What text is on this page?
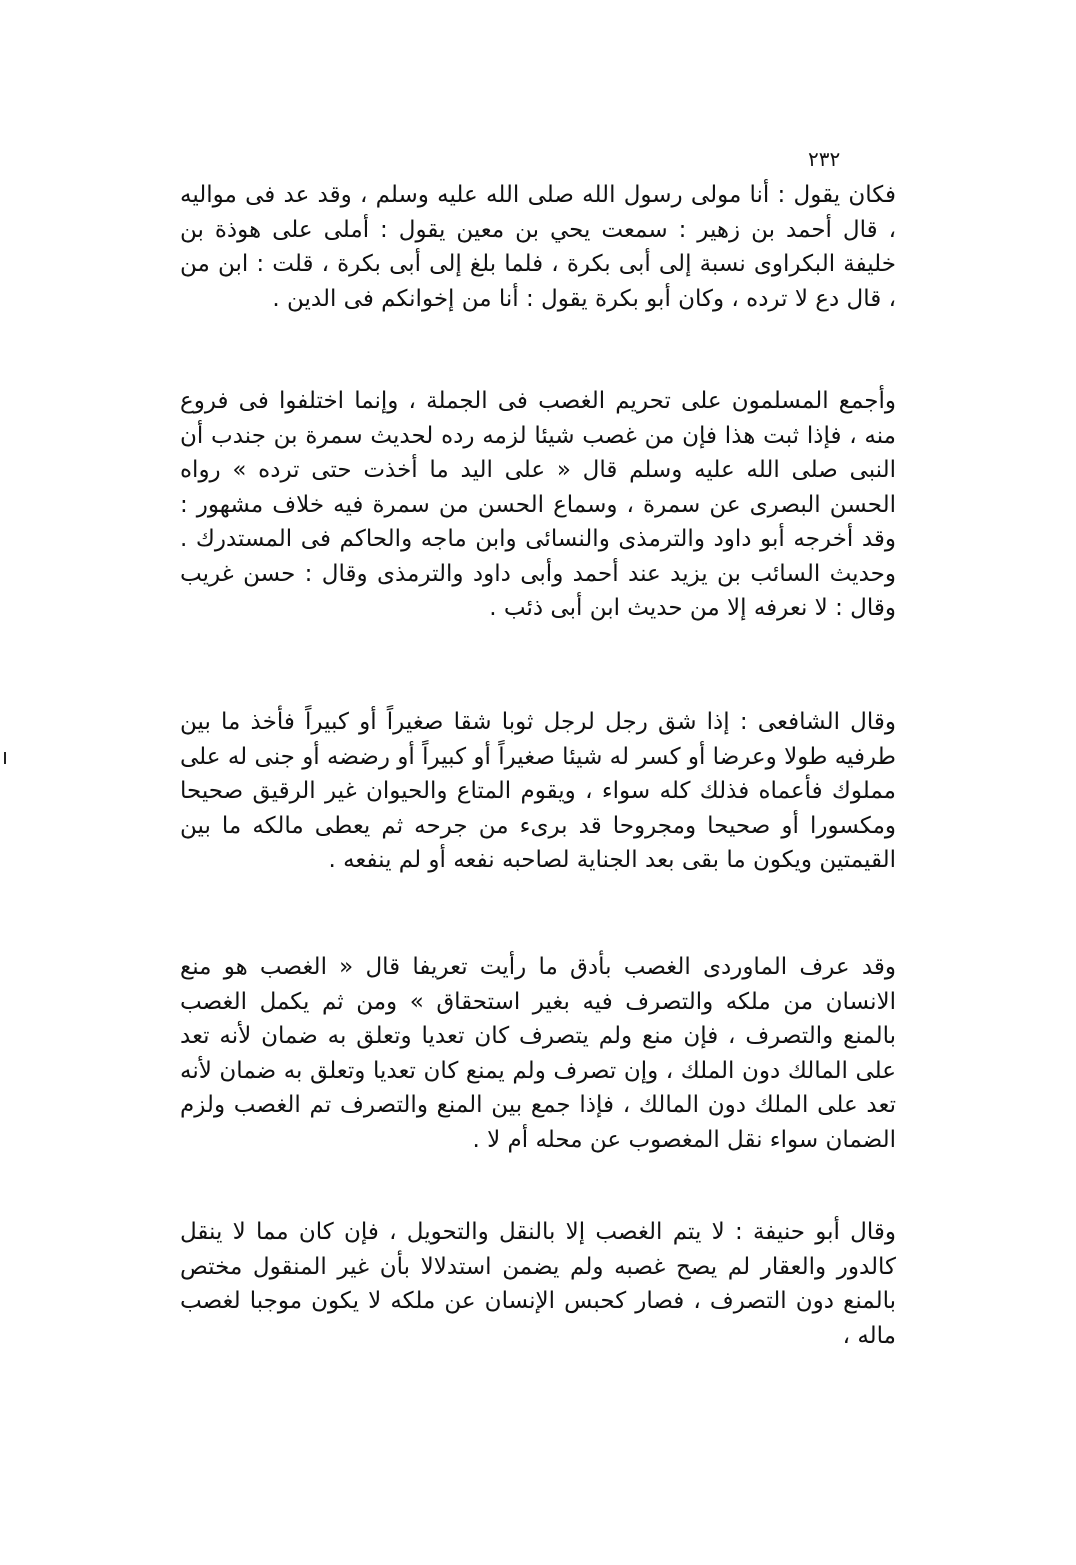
٢٣٢

فكان يقول : أنا مولى رسول الله صلى الله عليه وسلم ، وقد عد فى مواليه ، قال أحمد بن زهير : سمعت يحي بن معين يقول : أملى على هوذة بن خليفة البكراوى نسبة إلى أبى بكرة ، فلما بلغ إلى أبى بكرة ، قلت : ابن من ، قال دع لا ترده ، وكان أبو بكرة يقول : أنا من إخوانكم فى الدين .

وأجمع المسلمون على تحريم الغصب فى الجملة ، وإنما اختلفوا فى فروع منه ، فإذا ثبت هذا فإن من غصب شيئا لزمه رده لحديث سمرة بن جندب أن النبى صلى الله عليه وسلم قال « على اليد ما أخذت حتى ترده » رواه الحسن البصرى عن سمرة ، وسماع الحسن من سمرة فيه خلاف مشهور : وقد أخرجه أبو داود والترمذى والنسائى وابن ماجه والحاكم فى المستدرك . وحديث السائب بن يزيد عند أحمد وأبى داود والترمذى وقال : حسن غريب وقال : لا نعرفه إلا من حديث ابن أبى ذئب .

وقال الشافعى : إذا شق رجل لرجل ثوبا شقا صغيراً أو كبيراً فأخذ ما بين طرفيه طولا وعرضا أو كسر له شيئا صغيراً أو كبيراً أو رضضه أو جنى له على مملوك فأعماه فذلك كله سواء ، ويقوم المتاع والحيوان غير الرقيق صحيحا ومكسورا أو صحيحا ومجروحا قد برىء من جرحه ثم يعطى مالكه ما بين القيمتين ويكون ما بقى بعد الجناية لصاحبه نفعه أو لم ينفعه .

وقد عرف الماوردى الغصب بأدق ما رأيت تعريفا قال « الغصب هو منع الانسان من ملكه والتصرف فيه بغير استحقاق » ومن ثم يكمل الغصب بالمنع والتصرف ، فإن منع ولم يتصرف كان تعديا وتعلق به ضمان لأنه تعد على المالك دون الملك ، وإن تصرف ولم يمنع كان تعديا وتعلق به ضمان لأنه تعد على الملك دون المالك ، فإذا جمع بين المنع والتصرف تم الغصب ولزم الضمان سواء نقل المغصوب عن محله أم لا .

وقال أبو حنيفة : لا يتم الغصب إلا بالنقل والتحويل ، فإن كان مما لا ينقل كالدور والعقار لم يصح غصبه ولم يضمن استدلالا بأن غير المنقول مختص بالمنع دون التصرف ، فصار كحبس الإنسان عن ملكه لا يكون موجبا لغصب ماله ،
